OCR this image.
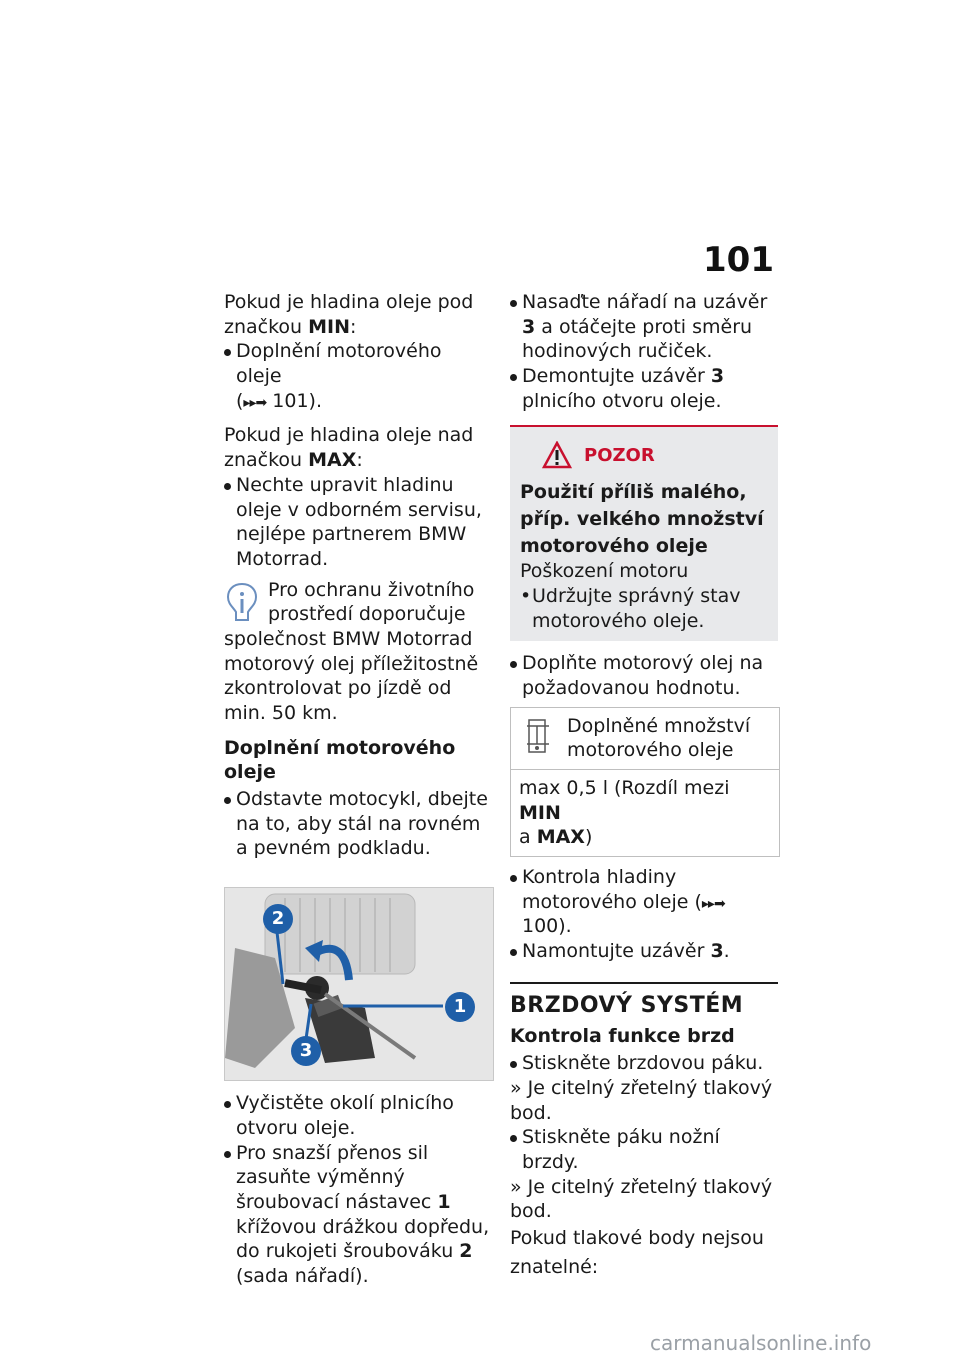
101

Pokud je hladina oleje pod
značkou MIN:

Doplnění motorového oleje
(▸▸➡ 101).

Pokud je hladina oleje nad
značkou MAX:

Nechte upravit hladinu oleje v odborném servisu, nejlépe partnerem BMW Motorrad.
Pro ochranu životního prostředí doporučuje společnost BMW Motorrad motorový olej příležitostně zkontrolovat po jízdě od min. 50 km.
Doplnění motorového oleje
Odstavte motocykl, dbejte na to, aby stál na rovném a pevném podkladu.
1
2
3
Vyčistěte okolí plnicího otvoru oleje.
Pro snazší přenos sil zasuňte výměnný šroubovací nástavec 1 křížovou drážkou dopředu, do rukojeti šroubováku 2 (sada nářadí).
Nasaďte nářadí na uzávěr 3 a otáčejte proti směru hodinových ručiček.
Demontujte uzávěr 3 plnicího otvoru oleje.
POZOR
Použití příliš malého, příp. velkého množství motorového oleje
Poškození motoru
• Udržujte správný stav motorového oleje.
Doplňte motorový olej na požadovanou hodnotu.
Doplněné množství motorového oleje
max 0,5 l (Rozdíl mezi MIN
a MAX)
Kontrola hladiny motorového oleje (▸▸➡ 100).
Namontujte uzávěr 3.
BRZDOVÝ SYSTÉM
Kontrola funkce brzd
Stiskněte brzdovou páku.
» Je citelný zřetelný tlakový bod.
Stiskněte páku nožní brzdy.
» Je citelný zřetelný tlakový bod.
Pokud tlakové body nejsou znatelné:
carmanualsonline.info
